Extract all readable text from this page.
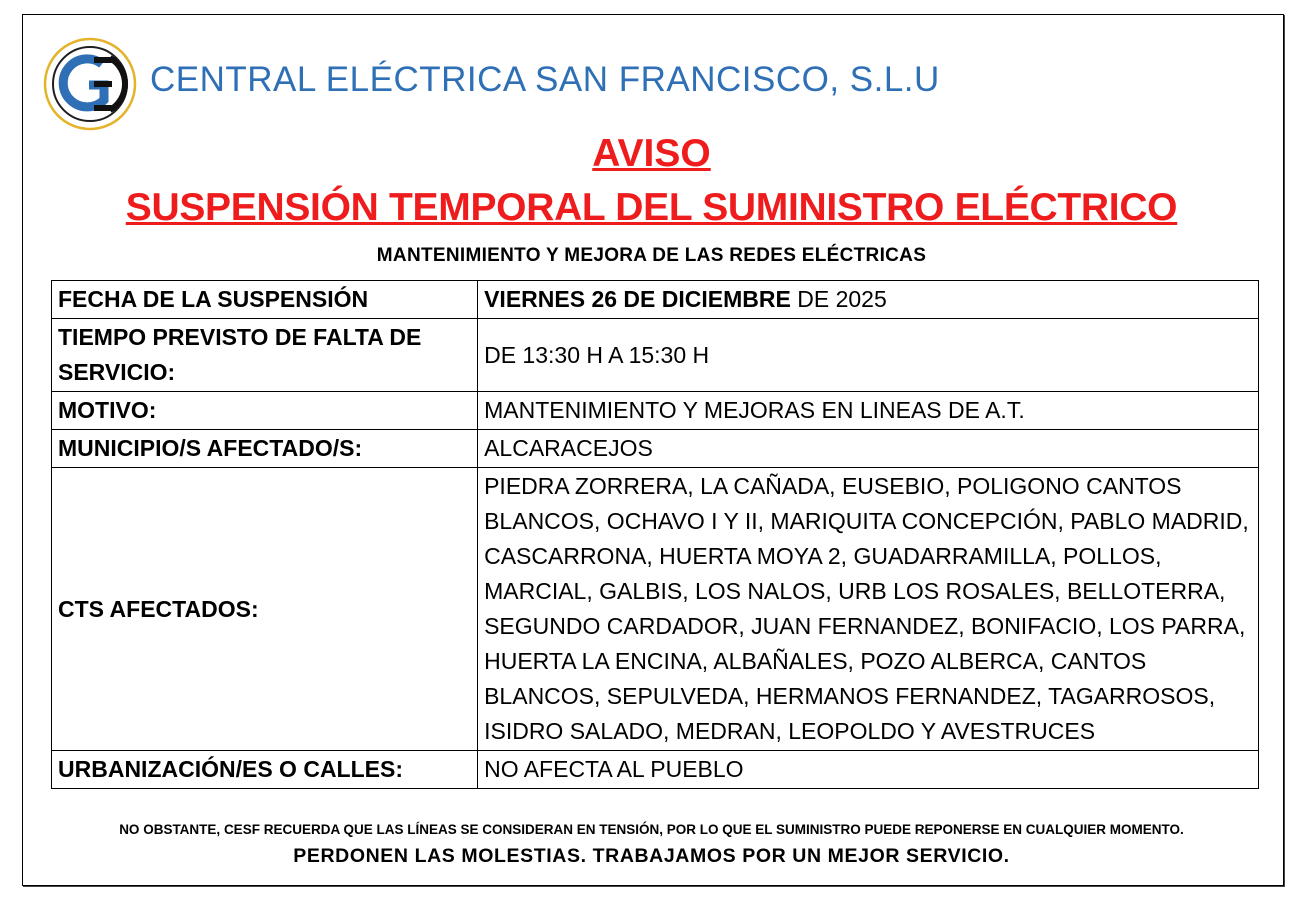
CENTRAL ELÉCTRICA SAN FRANCISCO, S.L.U
AVISO
SUSPENSIÓN TEMPORAL DEL SUMINISTRO ELÉCTRICO
MANTENIMIENTO Y MEJORA DE LAS REDES ELÉCTRICAS
FECHA DE LA SUSPENSIÓN	VIERNES 26 DE DICIEMBRE DE 2025
TIEMPO PREVISTO DE FALTA DE SERVICIO:	DE 13:30 H A 15:30 H
MOTIVO:	MANTENIMIENTO Y MEJORAS EN LINEAS DE A.T.
MUNICIPIO/S AFECTADO/S:	ALCARACEJOS
CTS AFECTADOS:	PIEDRA ZORRERA, LA CAÑADA, EUSEBIO, POLIGONO CANTOS BLANCOS, OCHAVO I Y II, MARIQUITA CONCEPCIÓN, PABLO MADRID, CASCARRONA, HUERTA MOYA 2, GUADARRAMILLA, POLLOS, MARCIAL, GALBIS, LOS NALOS, URB LOS ROSALES, BELLOTERRA, SEGUNDO CARDADOR, JUAN FERNANDEZ, BONIFACIO, LOS PARRA, HUERTA LA ENCINA, ALBAÑALES, POZO ALBERCA, CANTOS BLANCOS, SEPULVEDA, HERMANOS FERNANDEZ, TAGARROSOS, ISIDRO SALADO, MEDRAN, LEOPOLDO Y AVESTRUCES
URBANIZACIÓN/ES O CALLES:	NO AFECTA AL PUEBLO
NO OBSTANTE, CESF RECUERDA QUE LAS LÍNEAS SE CONSIDERAN EN TENSIÓN, POR LO QUE EL SUMINISTRO PUEDE REPONERSE EN CUALQUIER MOMENTO.
PERDONEN LAS MOLESTIAS. TRABAJAMOS POR UN MEJOR SERVICIO.
